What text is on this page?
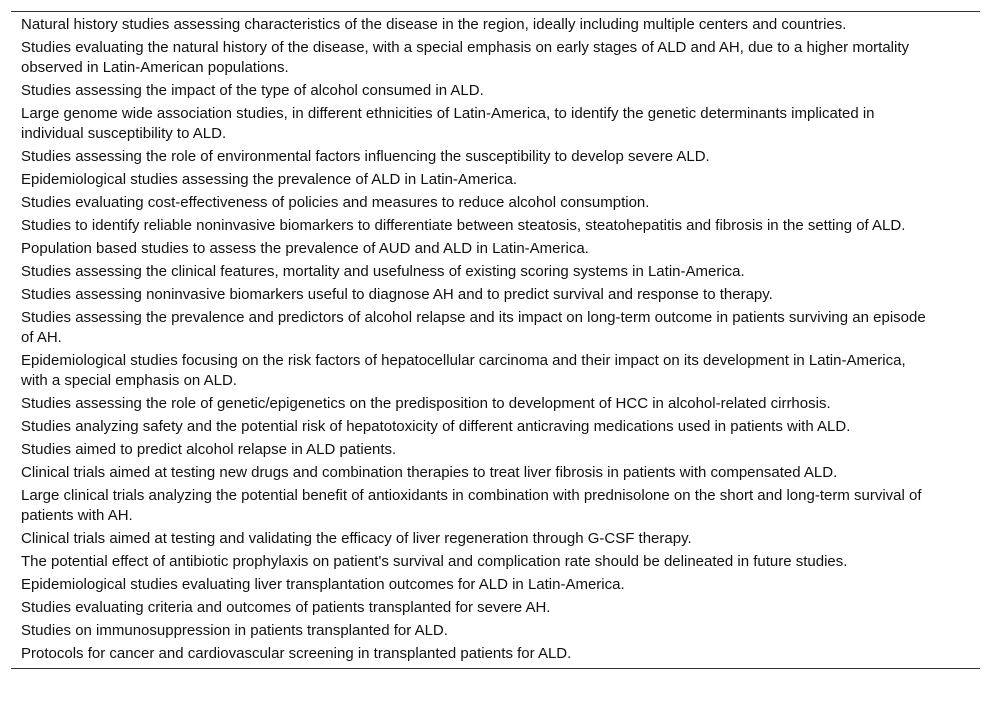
Natural history studies assessing characteristics of the disease in the region, ideally including multiple centers and countries.
Studies evaluating the natural history of the disease, with a special emphasis on early stages of ALD and AH, due to a higher mortality observed in Latin-American populations.
Studies assessing the impact of the type of alcohol consumed in ALD.
Large genome wide association studies, in different ethnicities of Latin-America, to identify the genetic determinants implicated in individual susceptibility to ALD.
Studies assessing the role of environmental factors influencing the susceptibility to develop severe ALD.
Epidemiological studies assessing the prevalence of ALD in Latin-America.
Studies evaluating cost-effectiveness of policies and measures to reduce alcohol consumption.
Studies to identify reliable noninvasive biomarkers to differentiate between steatosis, steatohepatitis and fibrosis in the setting of ALD.
Population based studies to assess the prevalence of AUD and ALD in Latin-America.
Studies assessing the clinical features, mortality and usefulness of existing scoring systems in Latin-America.
Studies assessing noninvasive biomarkers useful to diagnose AH and to predict survival and response to therapy.
Studies assessing the prevalence and predictors of alcohol relapse and its impact on long-term outcome in patients surviving an episode of AH.
Epidemiological studies focusing on the risk factors of hepatocellular carcinoma and their impact on its development in Latin-America, with a special emphasis on ALD.
Studies assessing the role of genetic/epigenetics on the predisposition to development of HCC in alcohol-related cirrhosis.
Studies analyzing safety and the potential risk of hepatotoxicity of different anticraving medications used in patients with ALD.
Studies aimed to predict alcohol relapse in ALD patients.
Clinical trials aimed at testing new drugs and combination therapies to treat liver fibrosis in patients with compensated ALD.
Large clinical trials analyzing the potential benefit of antioxidants in combination with prednisolone on the short and long-term survival of patients with AH.
Clinical trials aimed at testing and validating the efficacy of liver regeneration through G-CSF therapy.
The potential effect of antibiotic prophylaxis on patient's survival and complication rate should be delineated in future studies.
Epidemiological studies evaluating liver transplantation outcomes for ALD in Latin-America.
Studies evaluating criteria and outcomes of patients transplanted for severe AH.
Studies on immunosuppression in patients transplanted for ALD.
Protocols for cancer and cardiovascular screening in transplanted patients for ALD.
